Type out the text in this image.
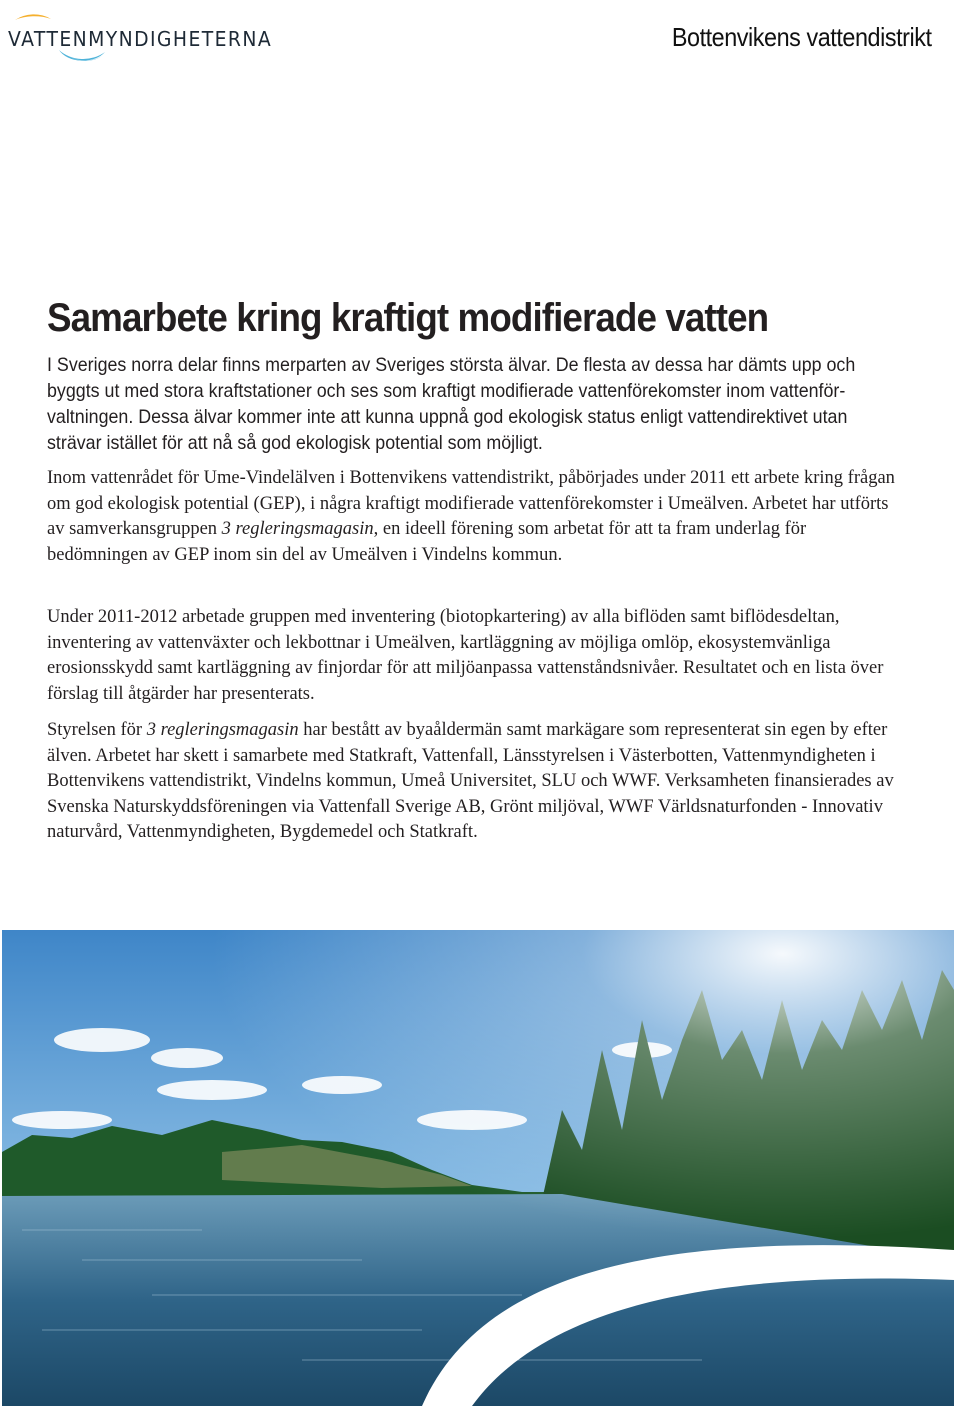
VATTENMYNDIGHETERNA	Bottenvikens vattendistrikt
Samarbete kring kraftigt modifierade vatten

I Sveriges norra delar finns merparten av Sveriges största älvar. De flesta av dessa har dämts upp och byggts ut med stora kraftstationer och ses som kraftigt modifierade vattenförekomster inom vattenförvaltningen. Dessa älvar kommer inte att kunna uppnå god ekologisk status enligt vattendirektivet utan strävar istället för att nå så god ekologisk potential som möjligt.

Inom vattenrådet för Ume-Vindelälven i Bottenvikens vattendistrikt, påbörjades under 2011 ett arbete kring frågan om god ekologisk potential (GEP), i några kraftigt modifierade vattenförekomster i Umeälven. Arbetet har utförts av samverkansgruppen 3 regleringsmagasin, en ideell förening som arbetat för att ta fram underlag för bedömningen av GEP inom sin del av Umeälven i Vindelns kommun.

Under 2011-2012 arbetade gruppen med inventering (biotopkartering) av alla biflöden samt biflödesdeltan, inventering av vattenväxter och lekbottnar i Umeälven, kartläggning av möjliga omlöp, ekosystemvänliga erosionsskydd samt kartläggning av finjordar för att miljöanpassa vattenståndsnivåer. Resultatet och en lista över förslag till åtgärder har presenterats.

Styrelsen för 3 regleringsmagasin har bestått av byaåldermän samt markägare som representerat sin egen by efter älven. Arbetet har skett i samarbete med Statkraft, Vattenfall, Länsstyrelsen i Västerbotten, Vattenmyndigheten i Bottenvikens vattendistrikt, Vindelns kommun, Umeå Universitet, SLU och WWF. Verksamheten finansierades av Svenska Naturskyddsföreningen via Vattenfall Sverige AB, Grönt miljöval, WWF Världsnaturfonden - Innovativ naturvård, Vattenmyndigheten, Bygdemedel och Statkraft.
